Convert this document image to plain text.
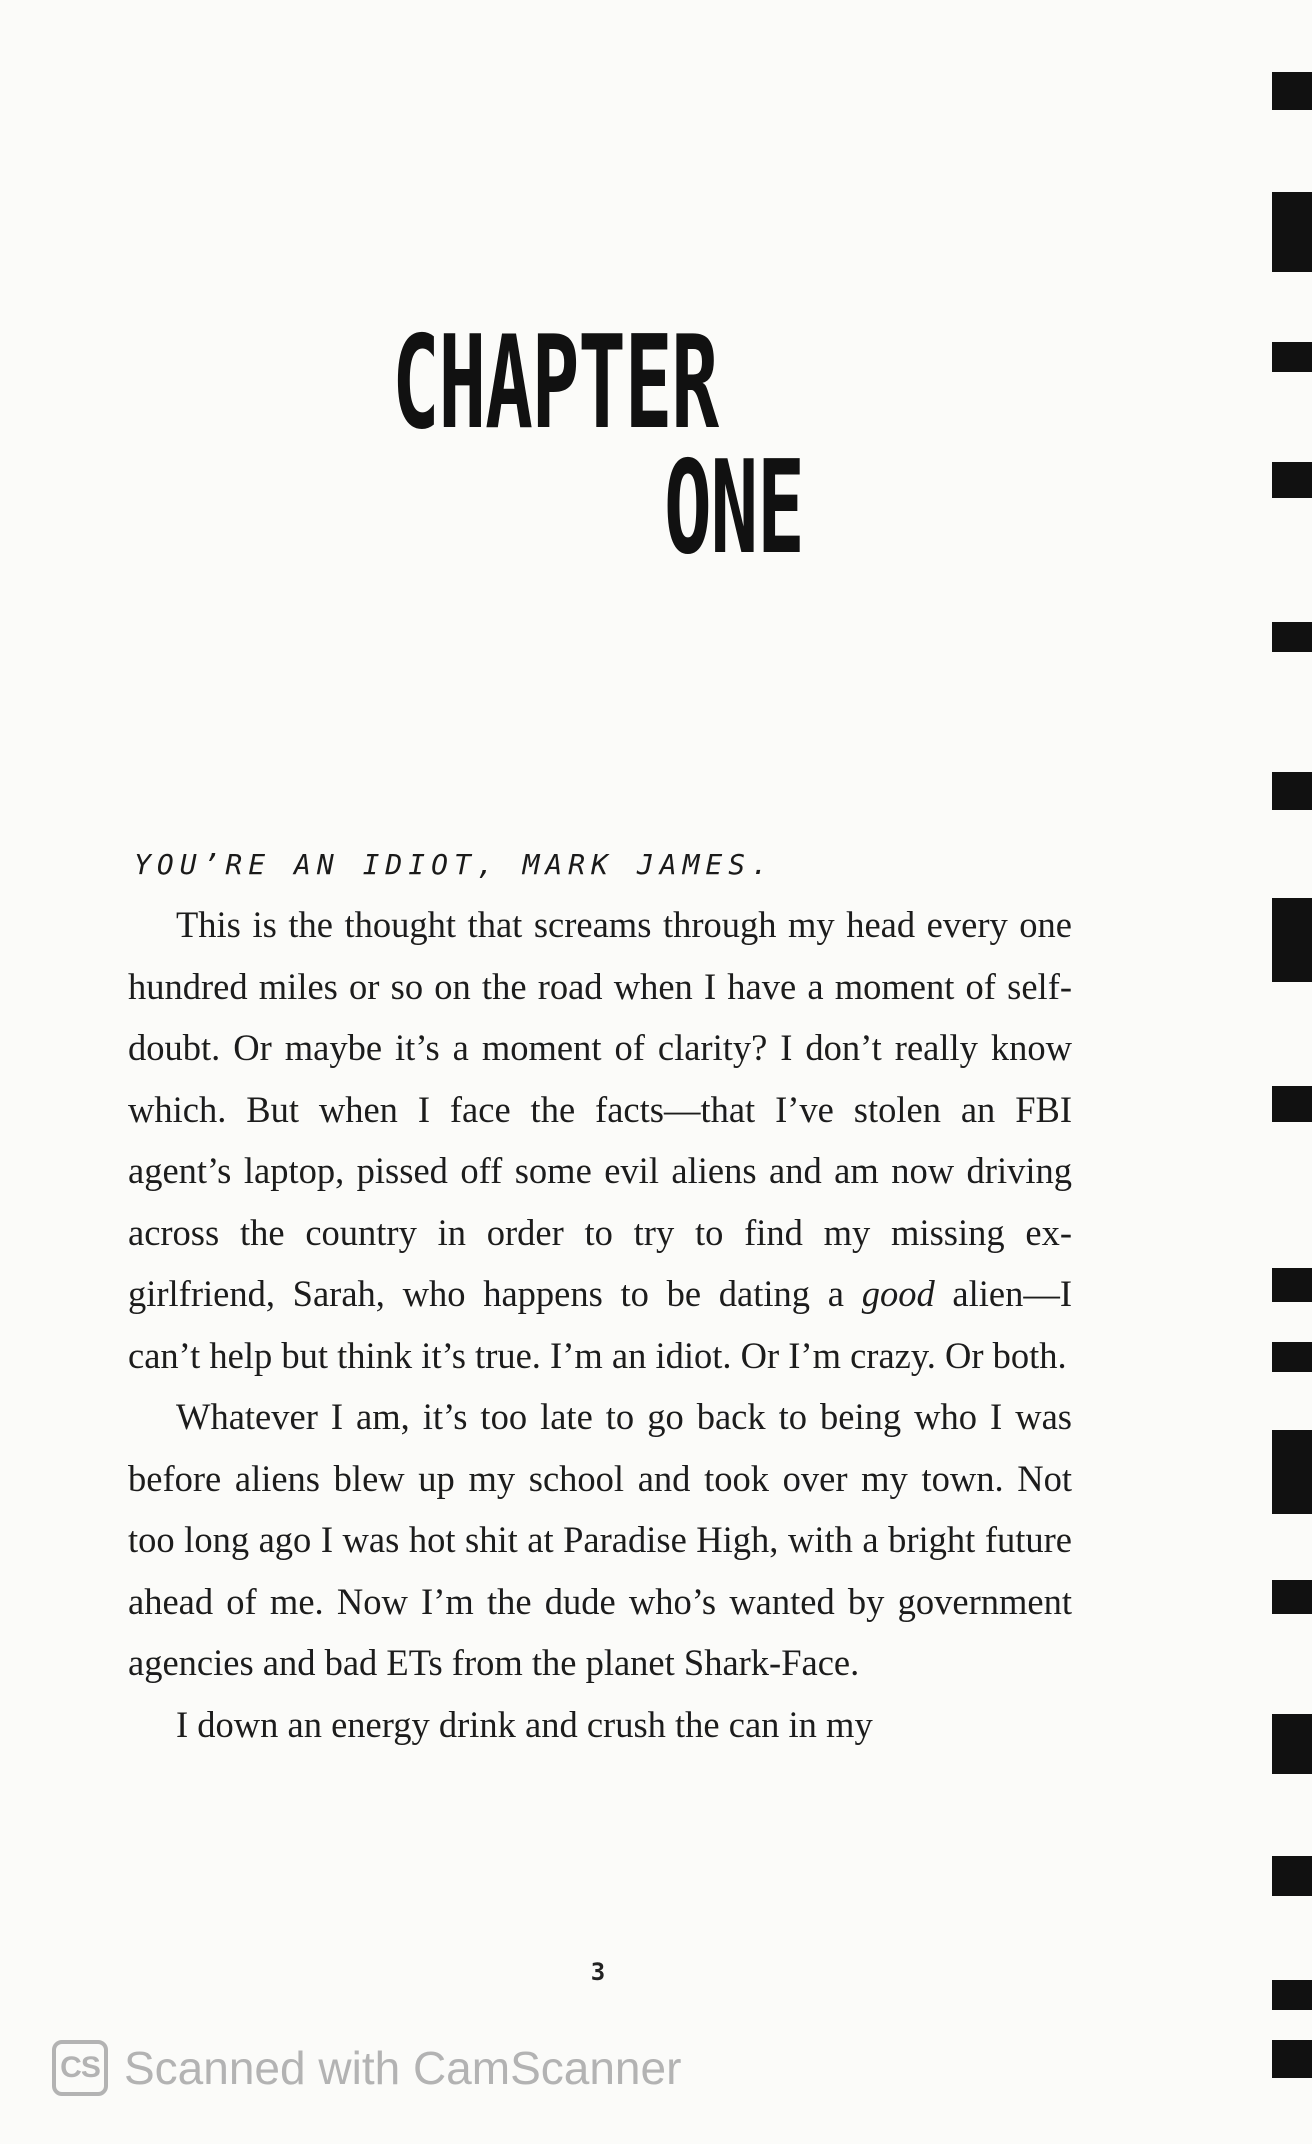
CHAPTER
ONE
YOU’RE AN IDIOT, MARK JAMES.

This is the thought that screams through my head every one hundred miles or so on the road when I have a moment of self-doubt. Or maybe it’s a moment of clarity? I don’t really know which. But when I face the facts—that I’ve stolen an FBI agent’s laptop, pissed off some evil aliens and am now driving across the country in order to try to find my missing ex-girlfriend, Sarah, who happens to be dating a good alien—I can’t help but think it’s true. I’m an idiot. Or I’m crazy. Or both.

Whatever I am, it’s too late to go back to being who I was before aliens blew up my school and took over my town. Not too long ago I was hot shit at Paradise High, with a bright future ahead of me. Now I’m the dude who’s wanted by government agencies and bad ETs from the planet Shark-Face.

I down an energy drink and crush the can in my

3
CS Scanned with CamScanner
